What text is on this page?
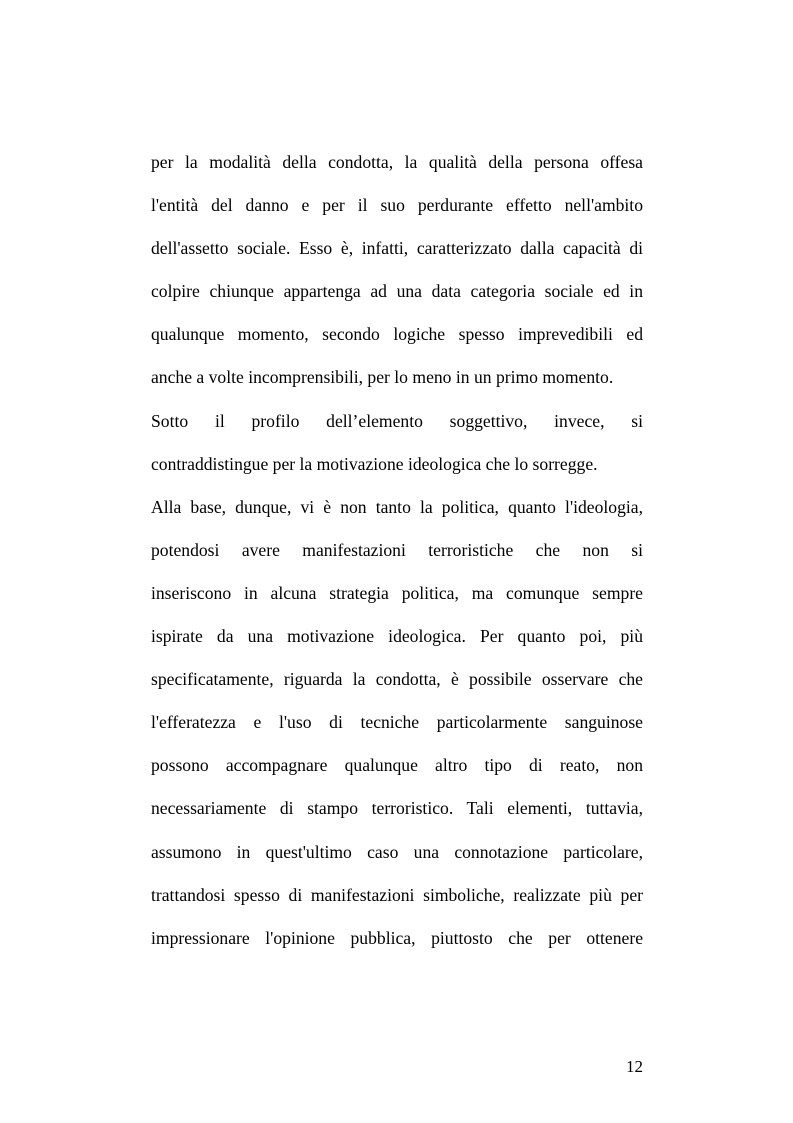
per la modalità della condotta, la qualità della persona offesa
l'entità del danno e per il suo perdurante effetto nell'ambito
dell'assetto sociale. Esso è, infatti, caratterizzato dalla capacità di
colpire chiunque appartenga ad una data categoria sociale ed in
qualunque momento, secondo logiche spesso imprevedibili ed
anche a volte incomprensibili, per lo meno in un primo momento.
Sotto il profilo dell’elemento soggettivo, invece, si
contraddistingue per la motivazione ideologica che lo sorregge.
Alla base, dunque, vi è non tanto la politica, quanto l'ideologia,
potendosi avere manifestazioni terroristiche che non si
inseriscono in alcuna strategia politica, ma comunque sempre
ispirate da una motivazione ideologica. Per quanto poi, più
specificatamente, riguarda la condotta, è possibile osservare che
l'efferatezza e l'uso di tecniche particolarmente sanguinose
possono accompagnare qualunque altro tipo di reato, non
necessariamente di stampo terroristico. Tali elementi, tuttavia,
assumono in quest'ultimo caso una connotazione particolare,
trattandosi spesso di manifestazioni simboliche, realizzate più per
impressionare l'opinione pubblica, piuttosto che per ottenere
12
